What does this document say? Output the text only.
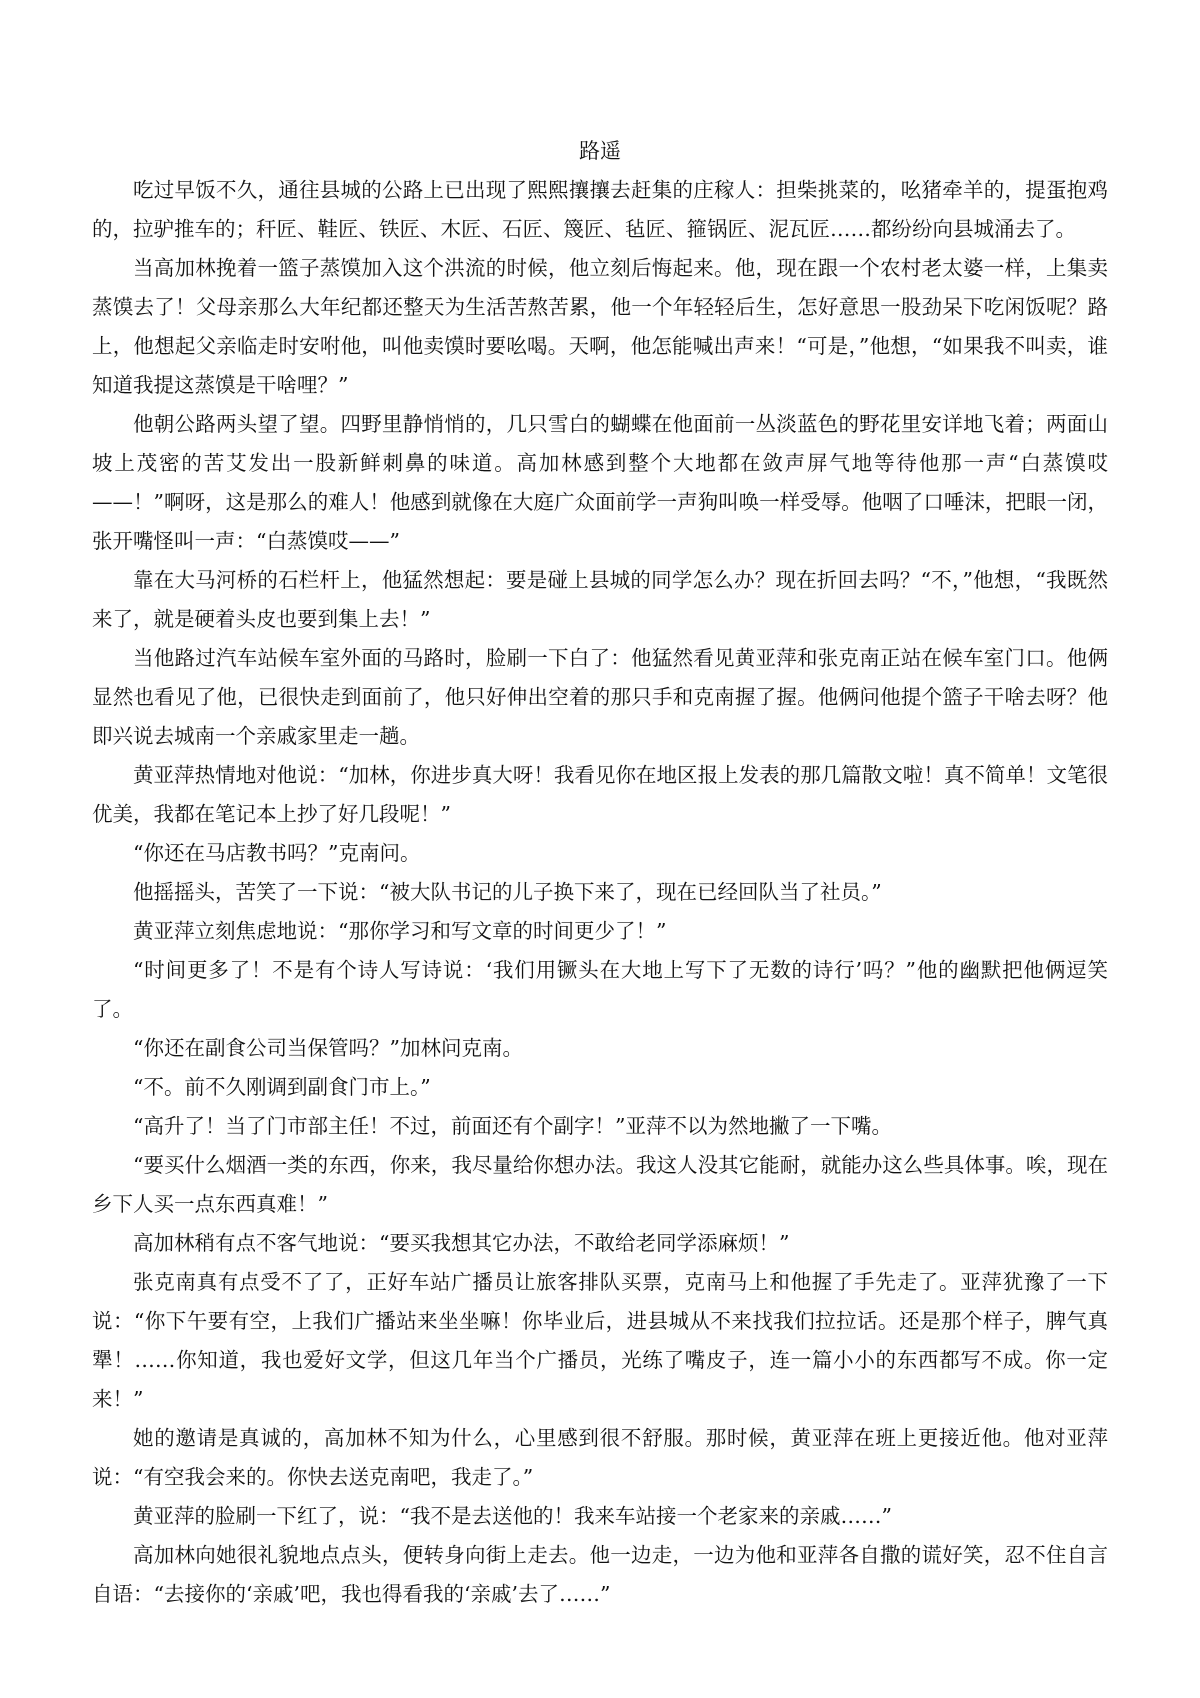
路遥

吃过早饭不久，通往县城的公路上已出现了熙熙攘攘去赶集的庄稼人：担柴挑菜的，吆猪牵羊的，提蛋抱鸡的，拉驴推车的；秆匠、鞋匠、铁匠、木匠、石匠、篾匠、毡匠、箍锅匠、泥瓦匠……都纷纷向县城涌去了。

当高加林挽着一篮子蒸馍加入这个洪流的时候，他立刻后悔起来。他，现在跟一个农村老太婆一样，上集卖蒸馍去了！父母亲那么大年纪都还整天为生活苦熬苦累，他一个年轻轻后生，怎好意思一股劲呆下吃闲饭呢？路上，他想起父亲临走时安咐他，叫他卖馍时要吆喝。天啊，他怎能喊出声来！“可是，”他想，“如果我不叫卖，谁知道我提这蒸馍是干啥哩？”

他朝公路两头望了望。四野里静悄悄的，几只雪白的蝴蝶在他面前一丛淡蓝色的野花里安详地飞着；两面山坡上茂密的苦艾发出一股新鲜刺鼻的味道。高加林感到整个大地都在敛声屏气地等待他那一声“白蒸馍哎——！”啊呀，这是那么的难人！他感到就像在大庭广众面前学一声狗叫唤一样受辱。他咽了口唾沫，把眼一闭，张开嘴怪叫一声：“白蒸馍哎——”

靠在大马河桥的石栏杆上，他猛然想起：要是碰上县城的同学怎么办？现在折回去吗？“不，”他想，“我既然来了，就是硬着头皮也要到集上去！”

当他路过汽车站候车室外面的马路时，脸刷一下白了：他猛然看见黄亚萍和张克南正站在候车室门口。他俩显然也看见了他，已很快走到面前了，他只好伸出空着的那只手和克南握了握。他俩问他提个篮子干啥去呀？他即兴说去城南一个亲戚家里走一趟。

黄亚萍热情地对他说：“加林，你进步真大呀！我看见你在地区报上发表的那几篇散文啦！真不简单！文笔很优美，我都在笔记本上抄了好几段呢！”

“你还在马店教书吗？”克南问。

他摇摇头，苦笑了一下说：“被大队书记的儿子换下来了，现在已经回队当了社员。”

黄亚萍立刻焦虑地说：“那你学习和写文章的时间更少了！”

“时间更多了！不是有个诗人写诗说：‘我们用镢头在大地上写下了无数的诗行’吗？”他的幽默把他俩逗笑了。

“你还在副食公司当保管吗？”加林问克南。

“不。前不久刚调到副食门市上。”

“高升了！当了门市部主任！不过，前面还有个副字！”亚萍不以为然地撇了一下嘴。

“要买什么烟酒一类的东西，你来，我尽量给你想办法。我这人没其它能耐，就能办这么些具体事。唉，现在乡下人买一点东西真难！”

高加林稍有点不客气地说：“要买我想其它办法，不敢给老同学添麻烦！”

张克南真有点受不了了，正好车站广播员让旅客排队买票，克南马上和他握了手先走了。亚萍犹豫了一下说：“你下午要有空，上我们广播站来坐坐嘛！你毕业后，进县城从不来找我们拉拉话。还是那个样子，脾气真犟！……你知道，我也爱好文学，但这几年当个广播员，光练了嘴皮子，连一篇小小的东西都写不成。你一定来！”

她的邀请是真诚的，高加林不知为什么，心里感到很不舒服。那时候，黄亚萍在班上更接近他。他对亚萍说：“有空我会来的。你快去送克南吧，我走了。”

黄亚萍的脸刷一下红了，说：“我不是去送他的！我来车站接一个老家来的亲戚……”

高加林向她很礼貌地点点头，便转身向街上走去。他一边走，一边为他和亚萍各自撒的谎好笑，忍不住自言自语：“去接你的‘亲戚’吧，我也得看我的‘亲戚’去了……”
